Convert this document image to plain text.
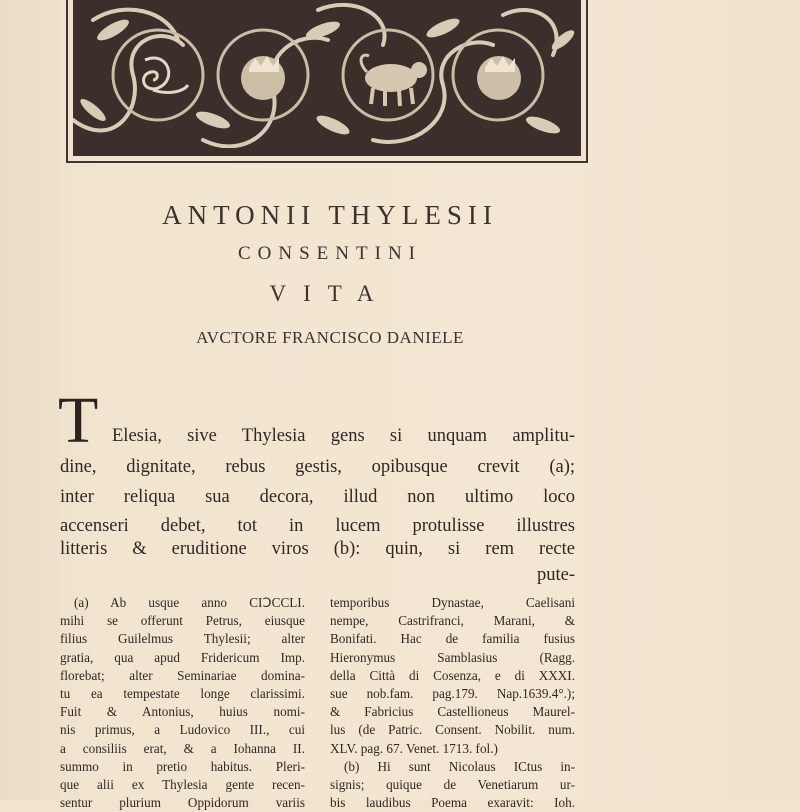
ANTONII THYLESII
CONSENTINI
VITA
AVCTORE FRANCISCO DANIELE
T Elesia, sive Thylesia gens si unquam amplitu-
dine, dignitate, rebus gestis, opibusque crevit (a);
inter reliqua sua decora, illud non ultimo loco
accenseri debet, tot in lucem protulisse illustres
litteris & eruditione viros (b): quin, si rem recte
pute-
(a) Ab usque anno CIↃCCLI.
mihi se offerunt Petrus, eiusque
filius Guilelmus Thylesii; alter
gratia, qua apud Fridericum Imp.
florebat; alter Seminariae domina-
tu ea tempestate longe clarissimi.
Fuit & Antonius, huius nomi-
nis primus, a Ludovico III., cui
a consiliis erat, & a Iohanna II.
summo in pretio habitus. Pleri-
que alii ex Thylesia gente recen-
sentur plurium Oppidorum variis
temporibus Dynastae, Caelisani
nempe, Castrifranci, Marani, &
Bonifati. Hac de familia fusius
Hieronymus Samblasius (Ragg.
della Città di Cosenza, e di XXXI.
sue nob.fam. pag.179. Nap.1639.4°.);
& Fabricius Castellioneus Maurel-
lus (de Patric. Consent. Nobilit. num.
XLV. pag. 67. Venet. 1713. fol.)
(b) Hi sunt Nicolaus ICtus in-
signis; quique de Venetiarum ur-
bis laudibus Poema exaravit: Ioh.
